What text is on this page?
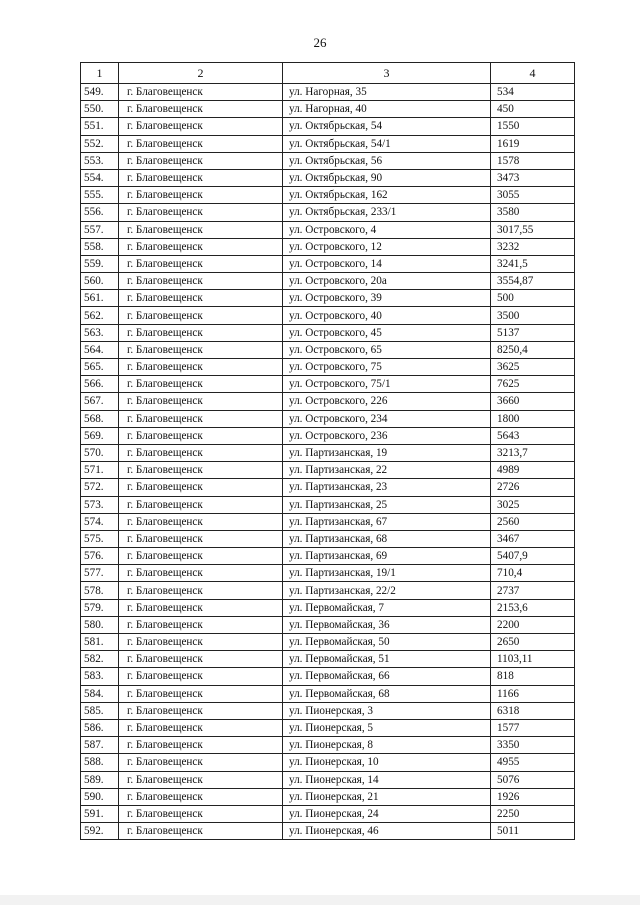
26
1	2	3	4
549.	г. Благовещенск	ул. Нагорная, 35	534
550.	г. Благовещенск	ул. Нагорная, 40	450
551.	г. Благовещенск	ул. Октябрьская, 54	1550
552.	г. Благовещенск	ул. Октябрьская, 54/1	1619
553.	г. Благовещенск	ул. Октябрьская, 56	1578
554.	г. Благовещенск	ул. Октябрьская, 90	3473
555.	г. Благовещенск	ул. Октябрьская, 162	3055
556.	г. Благовещенск	ул. Октябрьская, 233/1	3580
557.	г. Благовещенск	ул. Островского, 4	3017,55
558.	г. Благовещенск	ул. Островского, 12	3232
559.	г. Благовещенск	ул. Островского, 14	3241,5
560.	г. Благовещенск	ул. Островского, 20а	3554,87
561.	г. Благовещенск	ул. Островского, 39	500
562.	г. Благовещенск	ул. Островского, 40	3500
563.	г. Благовещенск	ул. Островского, 45	5137
564.	г. Благовещенск	ул. Островского, 65	8250,4
565.	г. Благовещенск	ул. Островского, 75	3625
566.	г. Благовещенск	ул. Островского, 75/1	7625
567.	г. Благовещенск	ул. Островского, 226	3660
568.	г. Благовещенск	ул. Островского, 234	1800
569.	г. Благовещенск	ул. Островского, 236	5643
570.	г. Благовещенск	ул. Партизанская, 19	3213,7
571.	г. Благовещенск	ул. Партизанская, 22	4989
572.	г. Благовещенск	ул. Партизанская, 23	2726
573.	г. Благовещенск	ул. Партизанская, 25	3025
574.	г. Благовещенск	ул. Партизанская, 67	2560
575.	г. Благовещенск	ул. Партизанская, 68	3467
576.	г. Благовещенск	ул. Партизанская, 69	5407,9
577.	г. Благовещенск	ул. Партизанская, 19/1	710,4
578.	г. Благовещенск	ул. Партизанская, 22/2	2737
579.	г. Благовещенск	ул. Первомайская, 7	2153,6
580.	г. Благовещенск	ул. Первомайская, 36	2200
581.	г. Благовещенск	ул. Первомайская, 50	2650
582.	г. Благовещенск	ул. Первомайская, 51	1103,11
583.	г. Благовещенск	ул. Первомайская, 66	818
584.	г. Благовещенск	ул. Первомайская, 68	1166
585.	г. Благовещенск	ул. Пионерская, 3	6318
586.	г. Благовещенск	ул. Пионерская, 5	1577
587.	г. Благовещенск	ул. Пионерская, 8	3350
588.	г. Благовещенск	ул. Пионерская, 10	4955
589.	г. Благовещенск	ул. Пионерская, 14	5076
590.	г. Благовещенск	ул. Пионерская, 21	1926
591.	г. Благовещенск	ул. Пионерская, 24	2250
592.	г. Благовещенск	ул. Пионерская, 46	5011
